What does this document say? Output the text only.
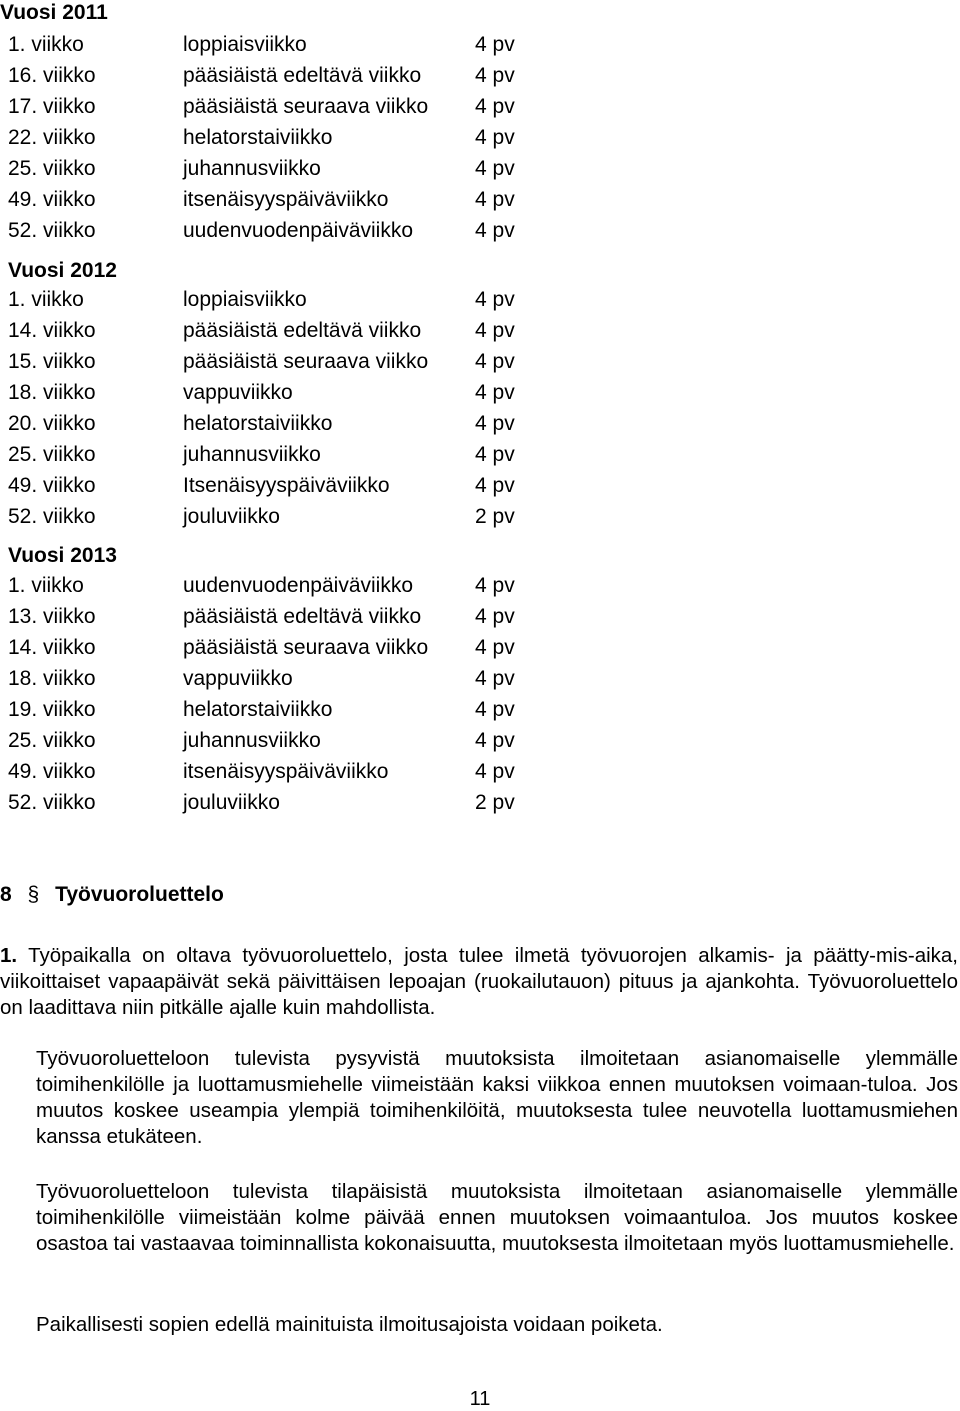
Vuosi 2011
1. viikko	loppiaisviikko	4 pv
16. viikko	pääsiäistä edeltävä viikko	4 pv
17. viikko	pääsiäistä seuraava viikko 4 pv
22. viikko	helatorstaiviikko	4 pv
25. viikko	juhannusviikko	4 pv
49. viikko	itsenäisyyspäiväviikko	4 pv
52. viikko	uudenvuodenpäiväviikko	4 pv
Vuosi 2012
1. viikko	loppiaisviikko	4 pv
14. viikko	pääsiäistä edeltävä viikko	4 pv
15. viikko	pääsiäistä seuraava viikko 4 pv
18. viikko	vappuviikko	4 pv
20. viikko	helatorstaiviikko	4 pv
25. viikko	juhannusviikko	4 pv
49. viikko	Itsenäisyyspäiväviikko	4 pv
52. viikko	jouluviikko	2 pv
Vuosi 2013
1. viikko	uudenvuodenpäiväviikko	4 pv
13. viikko	pääsiäistä edeltävä viikko	4 pv
14. viikko	pääsiäistä seuraava viikko 4 pv
18. viikko	vappuviikko	4 pv
19. viikko	helatorstaiviikko	4 pv
25. viikko	juhannusviikko	4 pv
49. viikko	itsenäisyyspäiväviikko	4 pv
52. viikko	jouluviikko	2 pv
8 § Työvuoroluettelo
1. Työpaikalla on oltava työvuoroluettelo, josta tulee ilmetä työvuorojen alkamis- ja päätty-mis-aika, viikoittaiset vapaapäivät sekä päivittäisen lepoajan (ruokailutauon) pituus ja ajankohta. Työvuoroluettelo on laadittava niin pitkälle ajalle kuin mahdollista.
Työvuoroluetteloon tulevista pysyvistä muutoksista ilmoitetaan asianomaiselle ylemmälle toimihenkilölle ja luottamusmiehelle viimeistään kaksi viikkoa ennen muutoksen voimaan-tuloa. Jos muutos koskee useampia ylempiä toimihenkilöitä, muutoksesta tulee neuvotella luottamusmiehen kanssa etukäteen.
Työvuoroluetteloon tulevista tilapäisistä muutoksista ilmoitetaan asianomaiselle ylemmälle toimihenkilölle viimeistään kolme päivää ennen muutoksen voimaantuloa. Jos muutos koskee osastoa tai vastaavaa toiminnallista kokonaisuutta, muutoksesta ilmoitetaan myös luottamusmiehelle.
Paikallisesti sopien edellä mainituista ilmoitusajoista voidaan poiketa.
11
